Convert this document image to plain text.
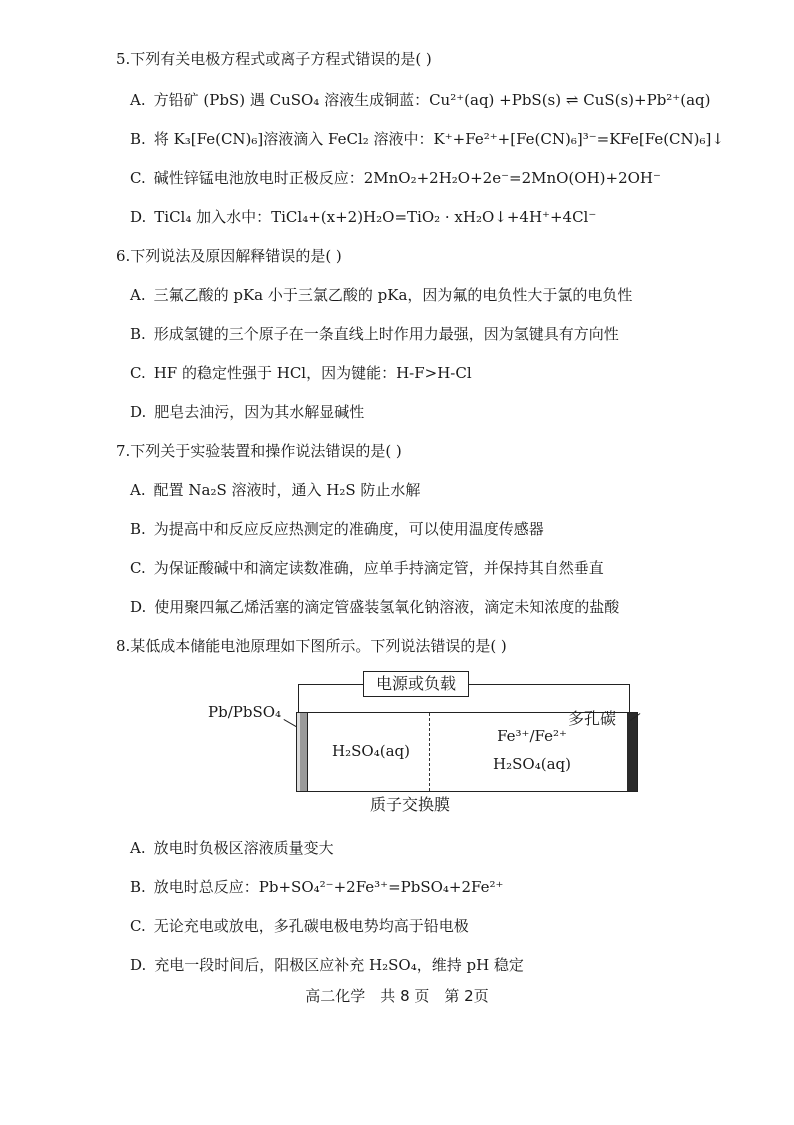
5.下列有关电极方程式或离子方程式错误的是( )
A. 方铅矿 (PbS) 遇 CuSO₄ 溶液生成铜蓝：Cu²⁺(aq) +PbS(s) ⇌ CuS(s)+Pb²⁺(aq)
B. 将 K₃[Fe(CN)₆]溶液滴入 FeCl₂ 溶液中：K⁺+Fe²⁺+[Fe(CN)₆]³⁻=KFe[Fe(CN)₆]↓
C. 碱性锌锰电池放电时正极反应：2MnO₂+2H₂O+2e⁻=2MnO(OH)+2OH⁻
D. TiCl₄ 加入水中：TiCl₄+(x+2)H₂O=TiO₂ · xH₂O↓+4H⁺+4Cl⁻
6.下列说法及原因解释错误的是( )
A. 三氟乙酸的 pKa 小于三氯乙酸的 pKa，因为氟的电负性大于氯的电负性
B. 形成氢键的三个原子在一条直线上时作用力最强，因为氢键具有方向性
C. HF 的稳定性强于 HCl，因为键能：H-F>H-Cl
D. 肥皂去油污，因为其水解显碱性
7.下列关于实验装置和操作说法错误的是( )
A. 配置 Na₂S 溶液时，通入 H₂S 防止水解
B. 为提高中和反应反应热测定的准确度，可以使用温度传感器
C. 为保证酸碱中和滴定读数准确，应单手持滴定管，并保持其自然垂直
D. 使用聚四氟乙烯活塞的滴定管盛装氢氧化钠溶液，滴定未知浓度的盐酸
8.某低成本储能电池原理如下图所示。下列说法错误的是( )
电源或负载
Pb/PbSO₄
H₂SO₄(aq)
Fe³⁺/Fe²⁺
H₂SO₄(aq)
多孔碳
质子交换膜
A. 放电时负极区溶液质量变大
B. 放电时总反应：Pb+SO₄²⁻+2Fe³⁺=PbSO₄+2Fe²⁺
C. 无论充电或放电，多孔碳电极电势均高于铅电极
D. 充电一段时间后，阳极区应补充 H₂SO₄，维持 pH 稳定
高二化学　共 8 页　第 2页
